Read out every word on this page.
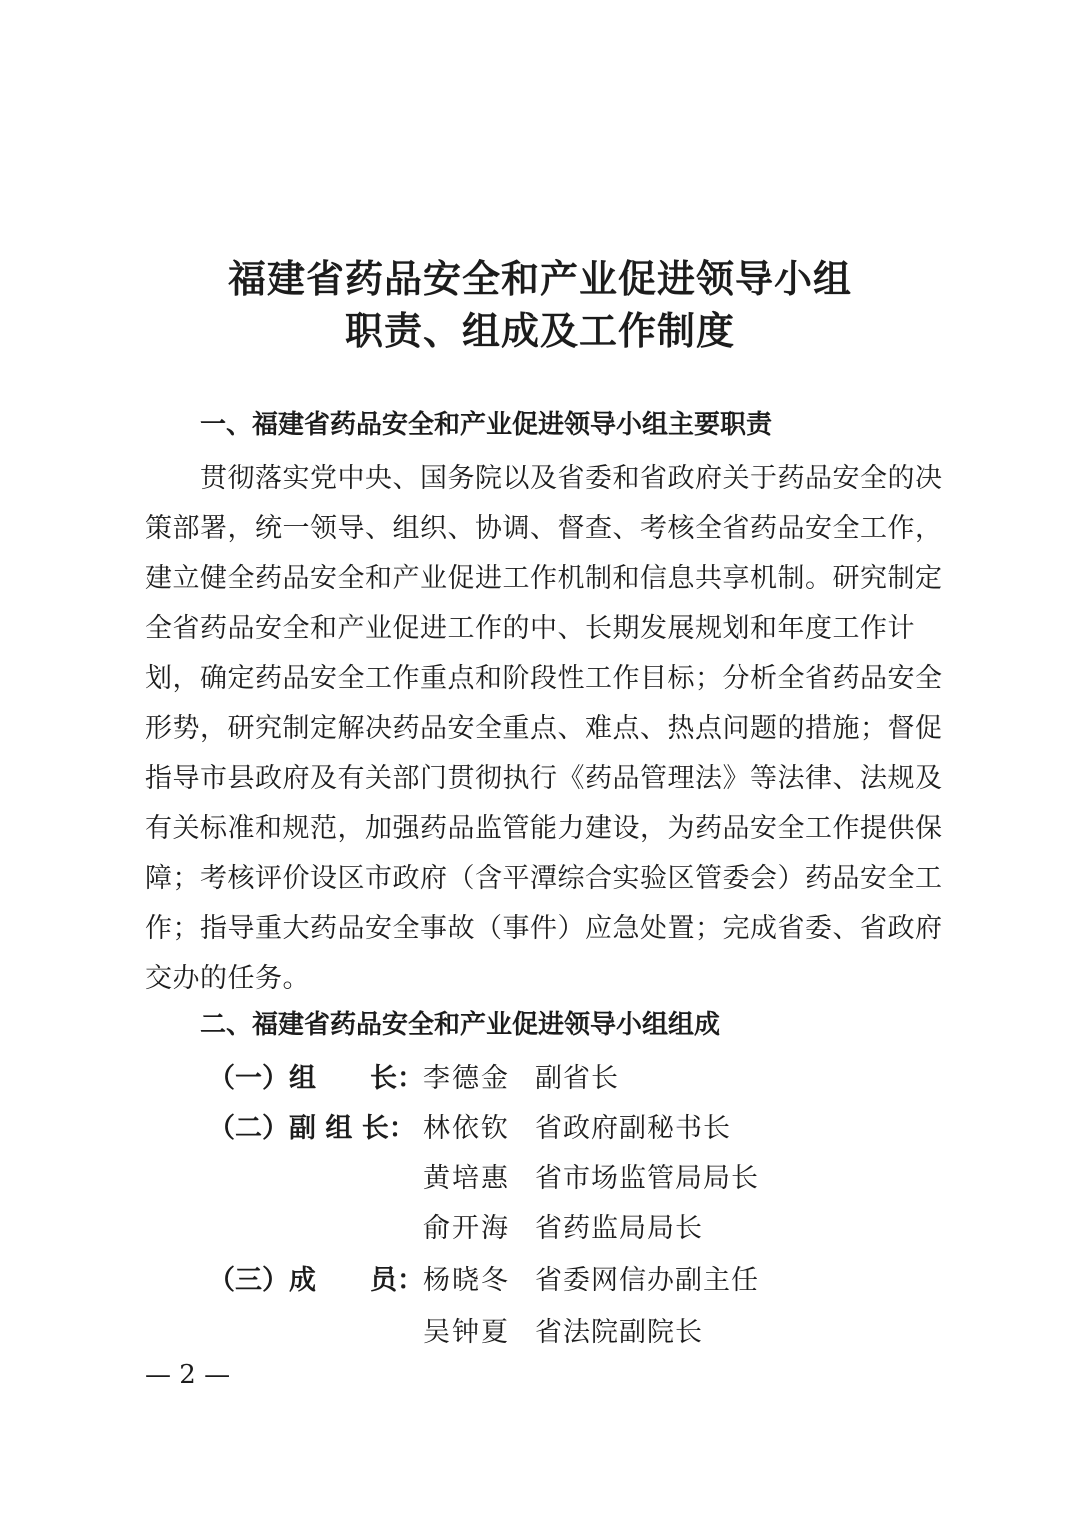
福建省药品安全和产业促进领导小组
职责、组成及工作制度
一、福建省药品安全和产业促进领导小组主要职责
贯彻落实党中央、国务院以及省委和省政府关于药品安全的决
策部署，统一领导、组织、协调、督查、考核全省药品安全工作，
建立健全药品安全和产业促进工作机制和信息共享机制。研究制定
全省药品安全和产业促进工作的中、长期发展规划和年度工作计
划，确定药品安全工作重点和阶段性工作目标；分析全省药品安全
形势，研究制定解决药品安全重点、难点、热点问题的措施；督促
指导市县政府及有关部门贯彻执行《药品管理法》等法律、法规及
有关标准和规范，加强药品监管能力建设，为药品安全工作提供保
障；考核评价设区市政府（含平潭综合实验区管委会）药品安全工
作；指导重大药品安全事故（事件）应急处置；完成省委、省政府
交办的任务。
二、福建省药品安全和产业促进领导小组组成
（一）组　　长： 李德金 副省长
（二）副 组 长： 林依钦 省政府副秘书长
黄培惠 省市场监管局局长
俞开海 省药监局局长
（三）成　　员： 杨晓冬 省委网信办副主任
吴钟夏 省法院副院长
— 2 —
